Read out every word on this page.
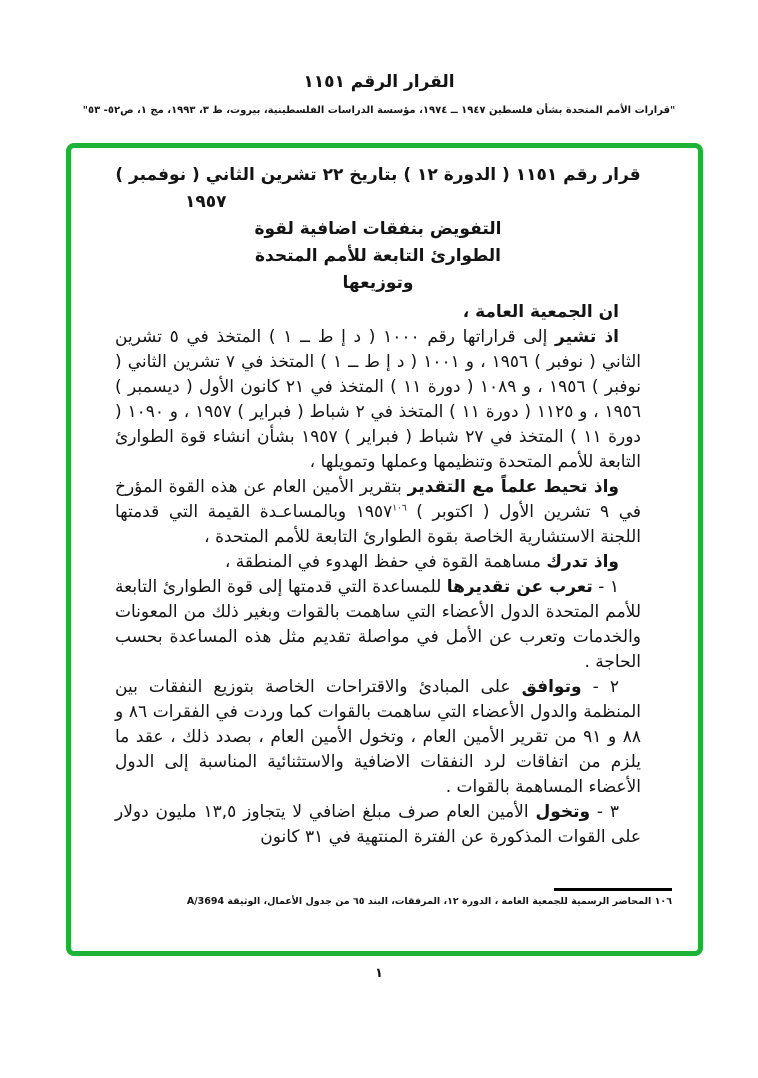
القرار الرقم ١١٥١
"قرارات الأمم المتحدة بشأن فلسطين ١٩٤٧ ــ ١٩٧٤، مؤسسة الدراسات الفلسطينية، بيروت، ط ٣، ١٩٩٣، مج ١، ص٥٢- ٥٣"
قرار رقم ١١٥١ ( الدورة ١٢ ) بتاريخ ٢٢ تشرين الثاني ( نوفمبر )
١٩٥٧
التفويض بنفقات اضافية لقوة
الطوارئ التابعة للأمم المتحدة
وتوزيعها

ان الجمعية العامة ،

اذ تشير إلى قراراتها رقم ١٠٠٠ ( د إ ط ــ ١ ) المتخذ في ٥ تشرين الثاني ( نوفبر ) ١٩٥٦ ، و ١٠٠١ ( د إ ط ــ ١ ) المتخذ في ٧ تشرين الثاني ( نوفبر ) ١٩٥٦ ، و ١٠٨٩ ( دورة ١١ ) المتخذ في ٢١ كانون الأول ( ديسمبر ) ١٩٥٦ ، و ١١٢٥ ( دورة ١١ ) المتخذ في ٢ شباط ( فبراير ) ١٩٥٧ ، و ١٠٩٠ ( دورة ١١ ) المتخذ في ٢٧ شباط ( فبراير ) ١٩٥٧ بشأن انشاء قوة الطوارئ التابعة للأمم المتحدة وتنظيمها وعملها وتمويلها ،

واذ تحيط علماً مع التقدير بتقرير الأمين العام عن هذه القوة المؤرخ في ٩ تشرين الأول ( اكتوبر ) ١٩٥٧$^{١٠٦}$ وبالمساعـدة القيمة التي قدمتها اللجنة الاستشارية الخاصة بقوة الطوارئ التابعة للأمم المتحدة ،

واذ تدرك مساهمة القوة في حفظ الهدوء في المنطقة ،

١ - تعرب عن تقديرها للمساعدة التي قدمتها إلى قوة الطوارئ التابعة للأمم المتحدة الدول الأعضاء التي ساهمت بالقوات وبغير ذلك من المعونات والخدمات وتعرب عن الأمل في مواصلة تقديم مثل هذه المساعدة بحسب الحاجة .

٢ - وتوافق على المبادئ والاقتراحات الخاصة بتوزيع النفقات بين المنظمة والدول الأعضاء التي ساهمت بالقوات كما وردت في الفقرات ٨٦ و ٨٨ و ٩١ من تقرير الأمين العام ، وتخول الأمين العام ، بصدد ذلك ، عقد ما يلزم من اتفاقات لرد النفقات الاضافية والاستثنائية المناسبة إلى الدول الأعضاء المساهمة بالقوات .

٣ - وتخول الأمين العام صرف مبلغ اضافي لا يتجاوز ١٣,٥ مليون دولار على القوات المذكورة عن الفترة المنتهية في ٣١ كانون

١٠٦ المحاضر الرسمية للجمعية العامة ، الدورة ١٢، المرفقات، البند ٦٥ من جدول الأعمال، الوثيقة A/3694
١
